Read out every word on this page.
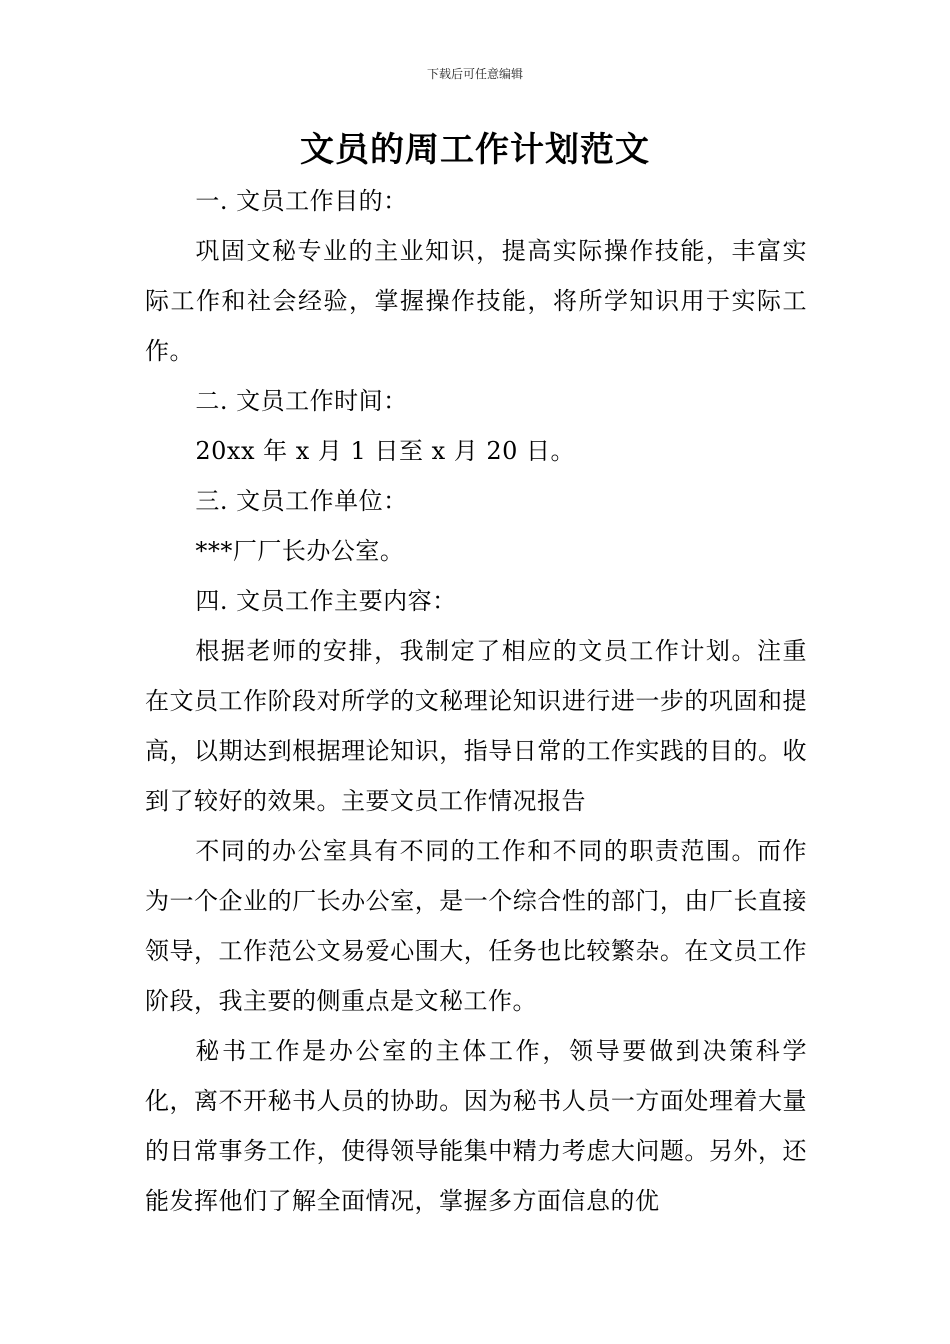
下载后可任意编辑
文员的周工作计划范文

一. 文员工作目的：

巩固文秘专业的主业知识，提高实际操作技能，丰富实际工作和社会经验，掌握操作技能，将所学知识用于实际工作。

二. 文员工作时间：

20xx 年 x 月 1 日至 x 月 20 日。

三. 文员工作单位：

***厂厂长办公室。

四. 文员工作主要内容：

根据老师的安排，我制定了相应的文员工作计划。注重在文员工作阶段对所学的文秘理论知识进行进一步的巩固和提高，以期达到根据理论知识，指导日常的工作实践的目的。收到了较好的效果。主要文员工作情况报告

不同的办公室具有不同的工作和不同的职责范围。而作为一个企业的厂长办公室，是一个综合性的部门，由厂长直接领导，工作范公文易爱心围大，任务也比较繁杂。在文员工作阶段，我主要的侧重点是文秘工作。

秘书工作是办公室的主体工作，领导要做到决策科学化，离不开秘书人员的协助。因为秘书人员一方面处理着大量的日常事务工作，使得领导能集中精力考虑大问题。另外，还能发挥他们了解全面情况，掌握多方面信息的优
